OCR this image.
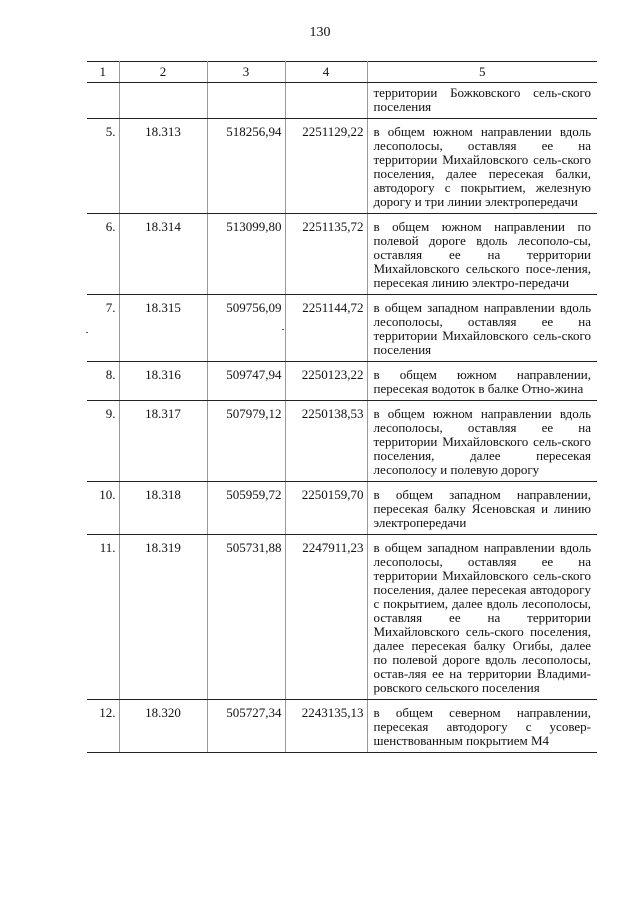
130
1	2	3	4	5
				территории Божковского сель-ского поселения
5.	18.313	518256,94	2251129,22	в общем южном направлении вдоль лесополосы, оставляя ее на территории Михайловского сель-ского поселения, далее пересекая балки, автодорогу с покрытием, железную дорогу и три линии электропередачи
6.	18.314	513099,80	2251135,72	в общем южном направлении по полевой дороге вдоль лесополо-сы, оставляя ее на территории Михайловского сельского посе-ления, пересекая линию электро-передачи
7.	18.315	509756,09	2251144,72	в общем западном направлении вдоль лесополосы, оставляя ее на территории Михайловского сель-ского поселения
8.	18.316	509747,94	2250123,22	в общем южном направлении, пересекая водоток в балке Отно-жина
9.	18.317	507979,12	2250138,53	в общем южном направлении вдоль лесополосы, оставляя ее на территории Михайловского сель-ского поселения, далее пересекая лесополосу и полевую дорогу
10.	18.318	505959,72	2250159,70	в общем западном направлении, пересекая балку Ясеновская и линию электропередачи
11.	18.319	505731,88	2247911,23	в общем западном направлении вдоль лесополосы, оставляя ее на территории Михайловского сель-ского поселения, далее пересекая автодорогу с покрытием, далее вдоль лесополосы, оставляя ее на территории Михайловского сель-ского поселения, далее пересекая балку Огибы, далее по полевой дороге вдоль лесополосы, остав-ляя ее на территории Владими-ровского сельского поселения
12.	18.320	505727,34	2243135,13	в общем северном направлении, пересекая автодорогу с усовер-шенствованным покрытием М4
